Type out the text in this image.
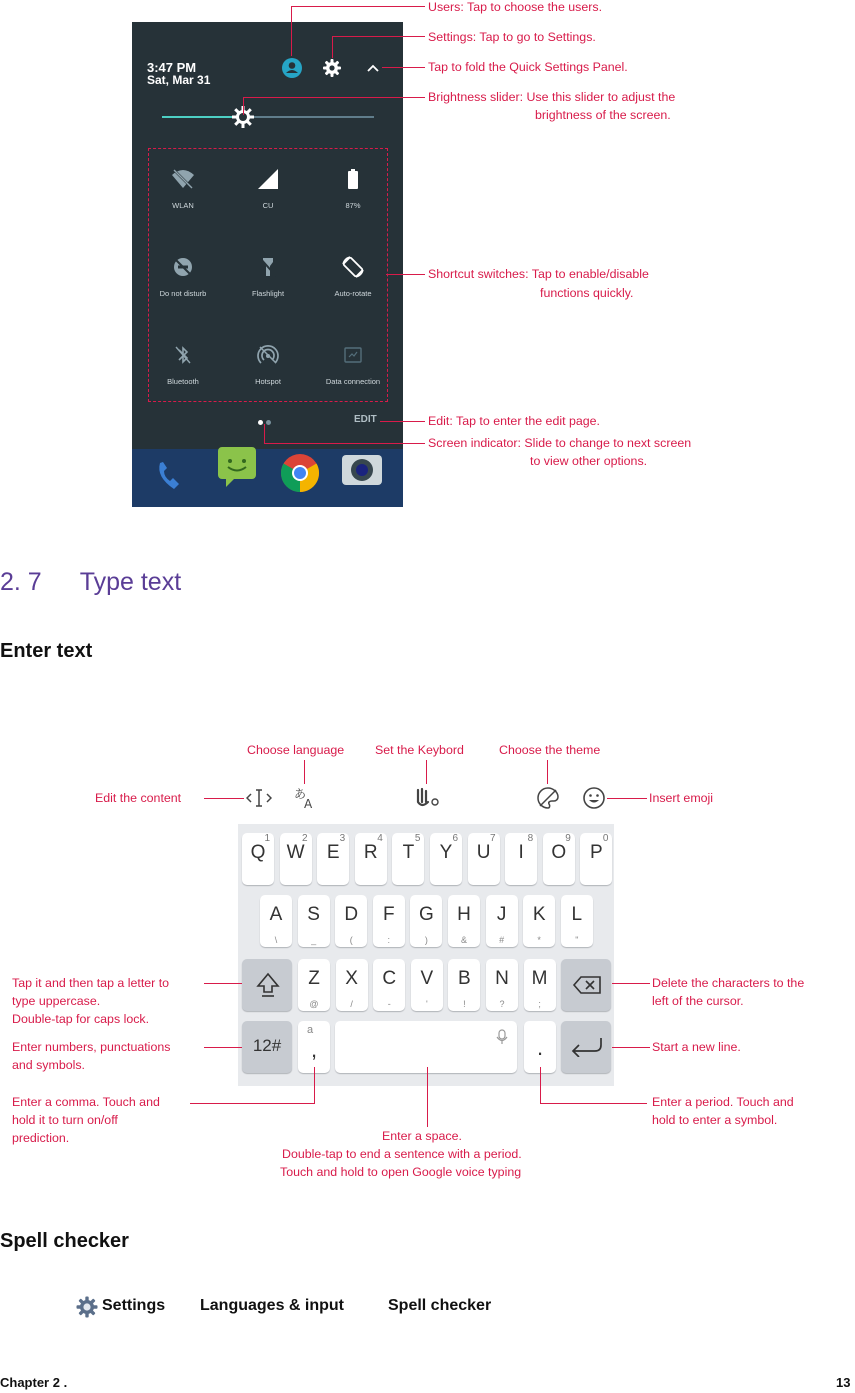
3:47 PM
Sat, Mar 31
WLAN	CU	87%
Do not disturb	Flashlight	Auto-rotate
Bluetooth	Hotspot	Data connection
EDIT
Users: Tap to choose the users.
Settings: Tap to go to Settings.
Tap to fold the Quick Settings Panel.
Brightness slider: Use this slider to adjust the
brightness of the screen.
Shortcut switches: Tap to enable/disable
functions quickly.
Edit: Tap to enter the edit page.
Screen indicator: Slide to change to next screen
to view other options.
2. 7 Type text
Enter text
Choose language Set the Keybord	Choose the theme
Edit the content	あ
A	Insert emoji
Q
1
W
2
E
3
R
4
T
5
Y
6
U
7
I
8
O
9
P
0
A
\
S
_
D
(
F
:
G
)
H
&
J
#
K
*
L
"
Z
@
X
/
C
-
V
'
B
!
N
?
M
;
12#
a
,	.
Tap it and then tap a letter to
type uppercase.
Double-tap for caps lock.
Enter numbers, punctuations
and symbols.
Enter a comma. Touch and
hold it to turn on/off
prediction.	Enter a space.
Double-tap to end a sentence with a period.
Touch and hold to open Google voice typing
Delete the characters to the
left of the cursor.
Start a new line.
Enter a period. Touch and
hold to enter a symbol.
Spell checker
Settings Languages & input	Spell checker
Chapter 2 .	13
